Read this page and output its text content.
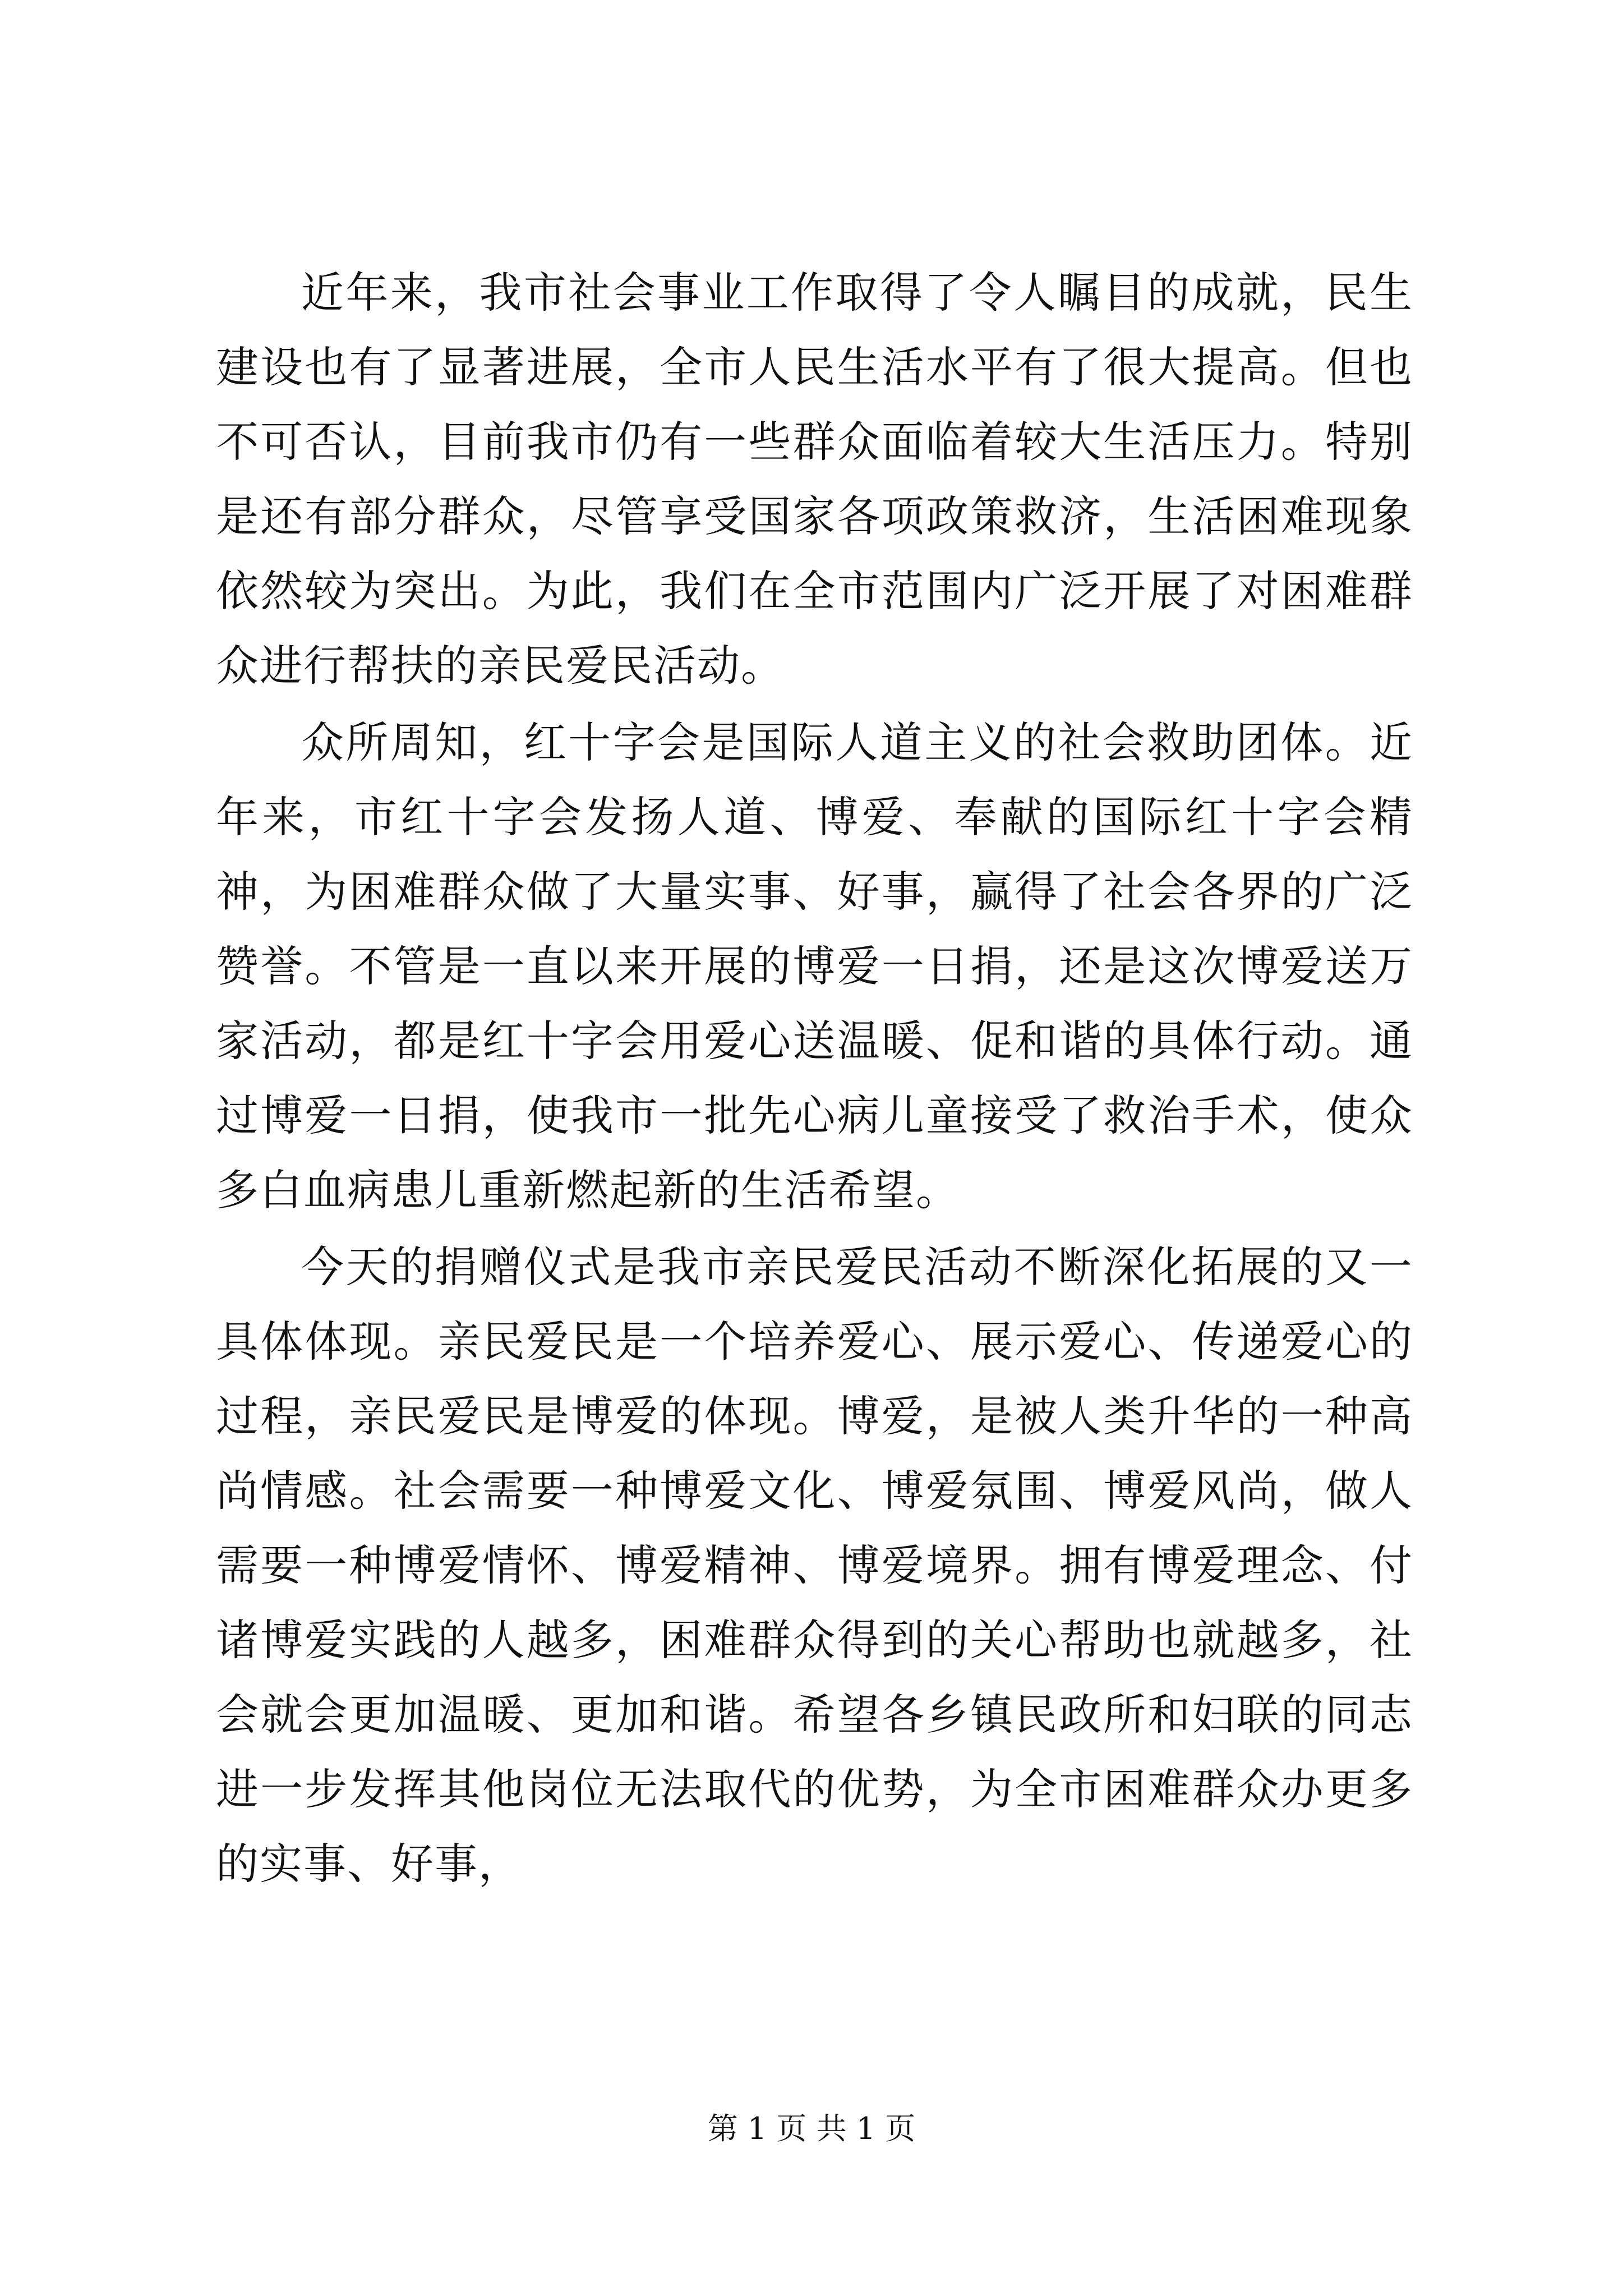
近年来，我市社会事业工作取得了令人瞩目的成就，民生建设也有了显著进展，全市人民生活水平有了很大提高。但也不可否认，目前我市仍有一些群众面临着较大生活压力。特别是还有部分群众，尽管享受国家各项政策救济，生活困难现象依然较为突出。为此，我们在全市范围内广泛开展了对困难群众进行帮扶的亲民爱民活动。

众所周知，红十字会是国际人道主义的社会救助团体。近年来，市红十字会发扬人道、博爱、奉献的国际红十字会精神，为困难群众做了大量实事、好事，赢得了社会各界的广泛赞誉。不管是一直以来开展的博爱一日捐，还是这次博爱送万家活动，都是红十字会用爱心送温暖、促和谐的具体行动。通过博爱一日捐，使我市一批先心病儿童接受了救治手术，使众多白血病患儿重新燃起新的生活希望。

今天的捐赠仪式是我市亲民爱民活动不断深化拓展的又一具体体现。亲民爱民是一个培养爱心、展示爱心、传递爱心的过程，亲民爱民是博爱的体现。博爱，是被人类升华的一种高尚情感。社会需要一种博爱文化、博爱氛围、博爱风尚，做人需要一种博爱情怀、博爱精神、博爱境界。拥有博爱理念、付诸博爱实践的人越多，困难群众得到的关心帮助也就越多，社会就会更加温暖、更加和谐。希望各乡镇民政所和妇联的同志进一步发挥其他岗位无法取代的优势，为全市困难群众办更多的实事、好事，

第 1 页 共 1 页
